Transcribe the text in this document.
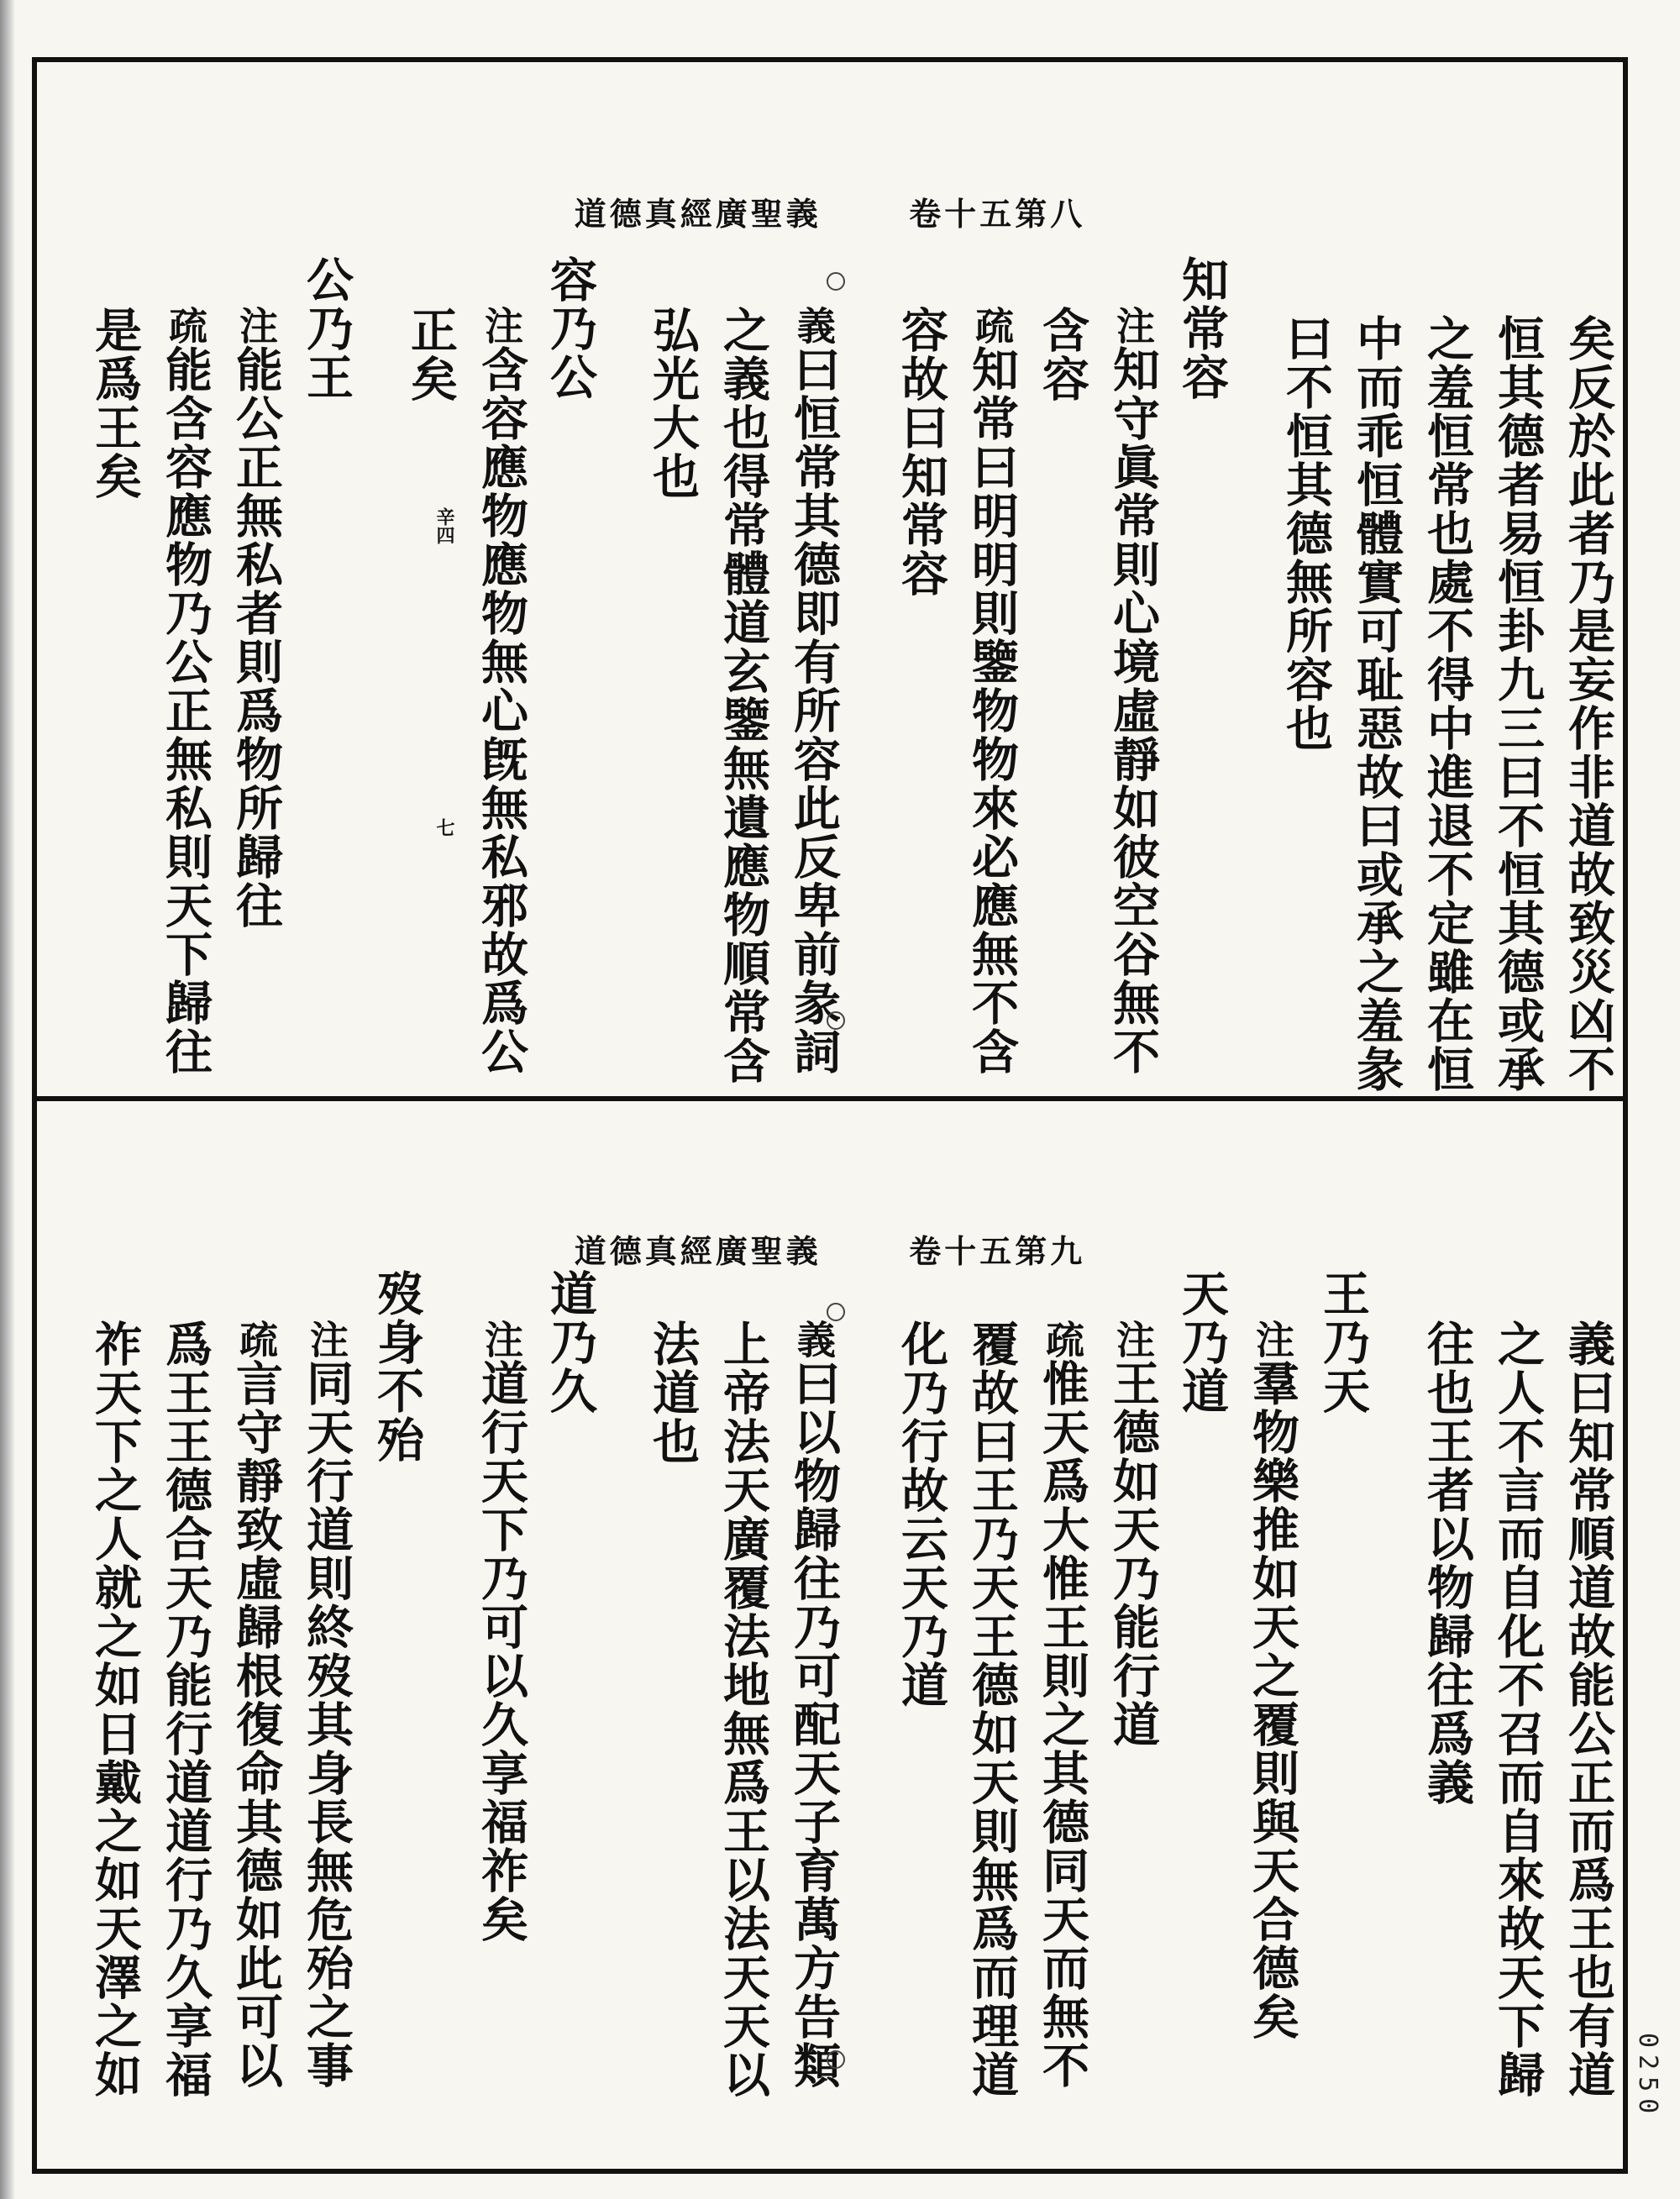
道德真經廣聖義	卷十五第八
矣反於此者乃是妄作非道故致災凶不
恒其德者易恒卦九三曰不恒其德或承
之羞恒常也處不得中進退不定雖在恒
中而乖恒體實可耻惡故曰或承之羞彖
曰不恒其德無所容也
知常容
注知守眞常則心境虛靜如彼空谷無不
含容
疏知常曰明明則鑒物物來必應無不含
容故曰知常容
義曰恒常其德即有所容此反卑前彖詞
之義也得常體道玄鑒無遺應物順常含
弘光大也
容乃公
注含容應物應物無心旣無私邪故爲公
正矣
公乃王
注能公正無私者則爲物所歸往
疏能含容應物乃公正無私則天下歸往
是爲王矣
辛四
七
道德真經廣聖義	卷十五第九
義曰知常順道故能公正而爲王也有道
之人不言而自化不召而自來故天下歸
往也王者以物歸往爲義
王乃天
注羣物樂推如天之覆則與天合德矣
天乃道
注王德如天乃能行道
疏惟天爲大惟王則之其德同天而無不
覆故曰王乃天王德如天則無爲而理道
化乃行故云天乃道
義曰以物歸往乃可配天子育萬方告類
上帝法天廣覆法地無爲王以法天天以
法道也
道乃久
注道行天下乃可以久享福祚矣
歿身不殆
注同天行道則終歿其身長無危殆之事
疏言守靜致虛歸根復命其德如此可以
爲王王德合天乃能行道道行乃久享福
祚天下之人就之如日戴之如天澤之如	0250
